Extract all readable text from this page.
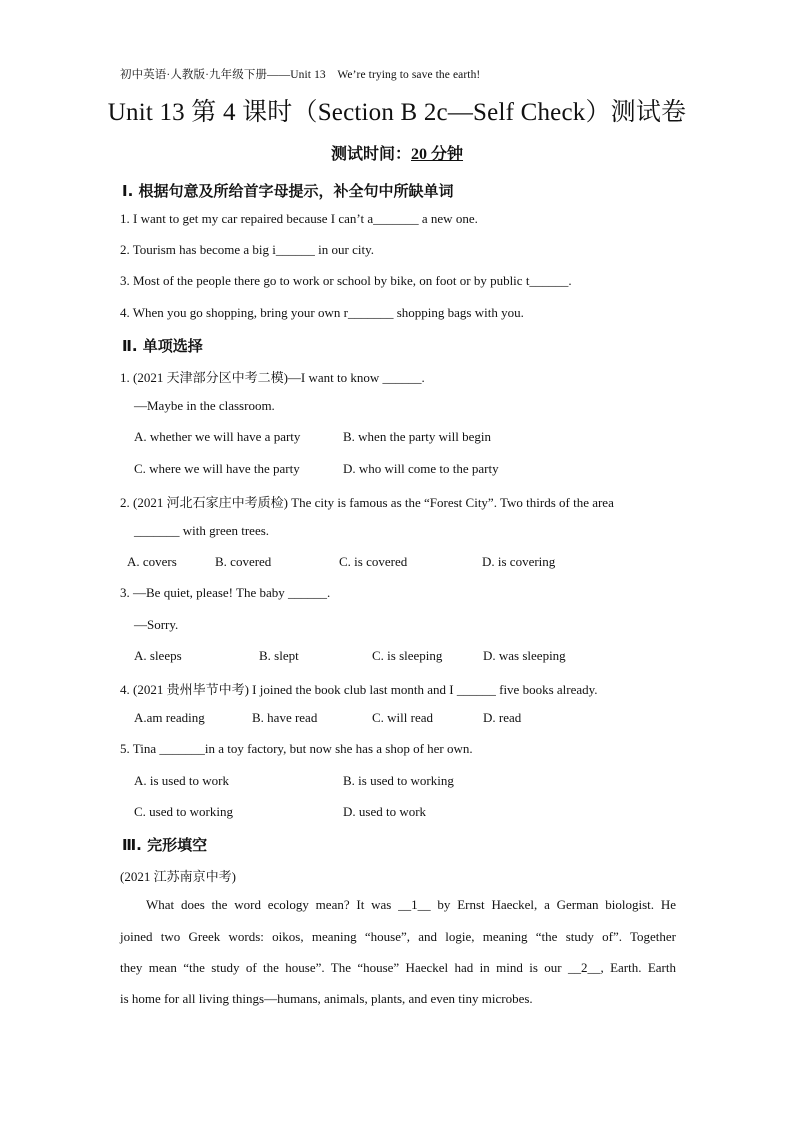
初中英语·人教版·九年级下册——Unit 13　We’re trying to save the earth!
Unit 13 第 4 课时（Section B 2c—Self Check）测试卷
测试时间：20 分钟
Ⅰ. 根据句意及所给首字母提示，补全句中所缺单词
1. I want to get my car repaired because I can’t a_______ a new one.
2. Tourism has become a big i______ in our city.
3. Most of the people there go to work or school by bike, on foot or by public t______.
4. When you go shopping, bring your own r_______ shopping bags with you.
Ⅱ. 单项选择
1. (2021 天津部分区中考二模)—I want to know ______.
—Maybe in the classroom.
A. whether we will have a party	B. when the party will begin
C. where we will have the party	D. who will come to the party
2. (2021 河北石家庄中考质检) The city is famous as the “Forest City”. Two thirds of the area
_______ with green trees.
A. covers	B. covered	C. is covered	D. is covering
3. —Be quiet, please! The baby ______.
—Sorry.
A. sleeps	B. slept	C. is sleeping	D. was sleeping
4. (2021 贵州毕节中考) I joined the book club last month and I ______ five books already.
A.am reading	B. have read	C. will read	D. read
5. Tina _______in a toy factory, but now she has a shop of her own.
A. is used to work	B. is used to working
C. used to working	D. used to work
Ⅲ. 完形填空
(2021 江苏南京中考)
What does the word ecology mean? It was __1__ by Ernst Haeckel, a German biologist. He
joined two Greek words: oikos, meaning “house”, and logie, meaning “the study of”. Together
they mean “the study of the house”. The “house” Haeckel had in mind is our __2__, Earth. Earth
is home for all living things—humans, animals, plants, and even tiny microbes.
